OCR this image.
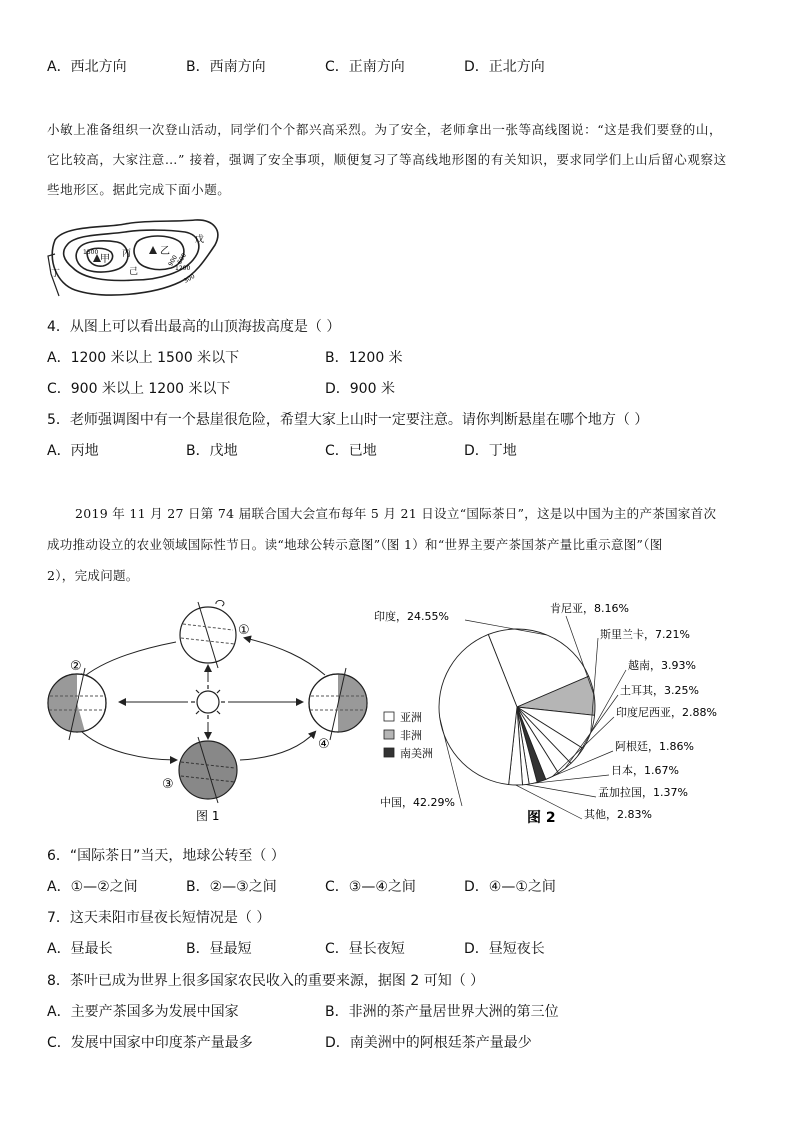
A．西北方向	B．西南方向	C．正南方向	D．正北方向
小敏上准备组织一次登山活动，同学们个个都兴高采烈。为了安全，老师拿出一张等高线图说：“这是我们要登的山，
它比较高，大家注意…” 接着，强调了安全事项，顺便复习了等高线地形图的有关知识，要求同学们上山后留心观察这
些地形区。据此完成下面小题。
甲
乙
丙
丁
戊
己
1500
1200
900
600
300
4．从图上可以看出最高的山顶海拔高度是（ ）
A．1200 米以上 1500 米以下	B．1200 米
C．900 米以上 1200 米以下	D．900 米
5．老师强调图中有一个悬崖很危险，希望大家上山时一定要注意。请你判断悬崖在哪个地方（ ）
A．丙地	B．戊地	C．已地	D．丁地
2019 年 11 月 27 日第 74 届联合国大会宣布每年 5 月 21 日设立“国际茶日”，这是以中国为主的产茶国家首次
成功推动设立的农业领域国际性节日。读“地球公转示意图”（图 1）和“世界主要产茶国茶产量比重示意图”（图
2），完成问题。
①
②
③
④
图 1
亚洲
非洲
南美洲
图 2
印度，24.55%
肯尼亚，8.16%
斯里兰卡，7.21%
越南，3.93%
土耳其，3.25%
印度尼西亚，2.88%
阿根廷，1.86%
日本，1.67%
孟加拉国，1.37%
其他，2.83%
中国，42.29%
6．“国际茶日”当天，地球公转至（ ）
A．①—②之间	B．②—③之间	C．③—④之间	D．④—①之间
7．这天耒阳市昼夜长短情况是（ ）
A．昼最长	B．昼最短	C．昼长夜短	D．昼短夜长
8．茶叶已成为世界上很多国家农民收入的重要来源，据图 2 可知（ ）
A．主要产茶国多为发展中国家	B．非洲的茶产量居世界大洲的第三位
C．发展中国家中印度茶产量最多	D．南美洲中的阿根廷茶产量最少
